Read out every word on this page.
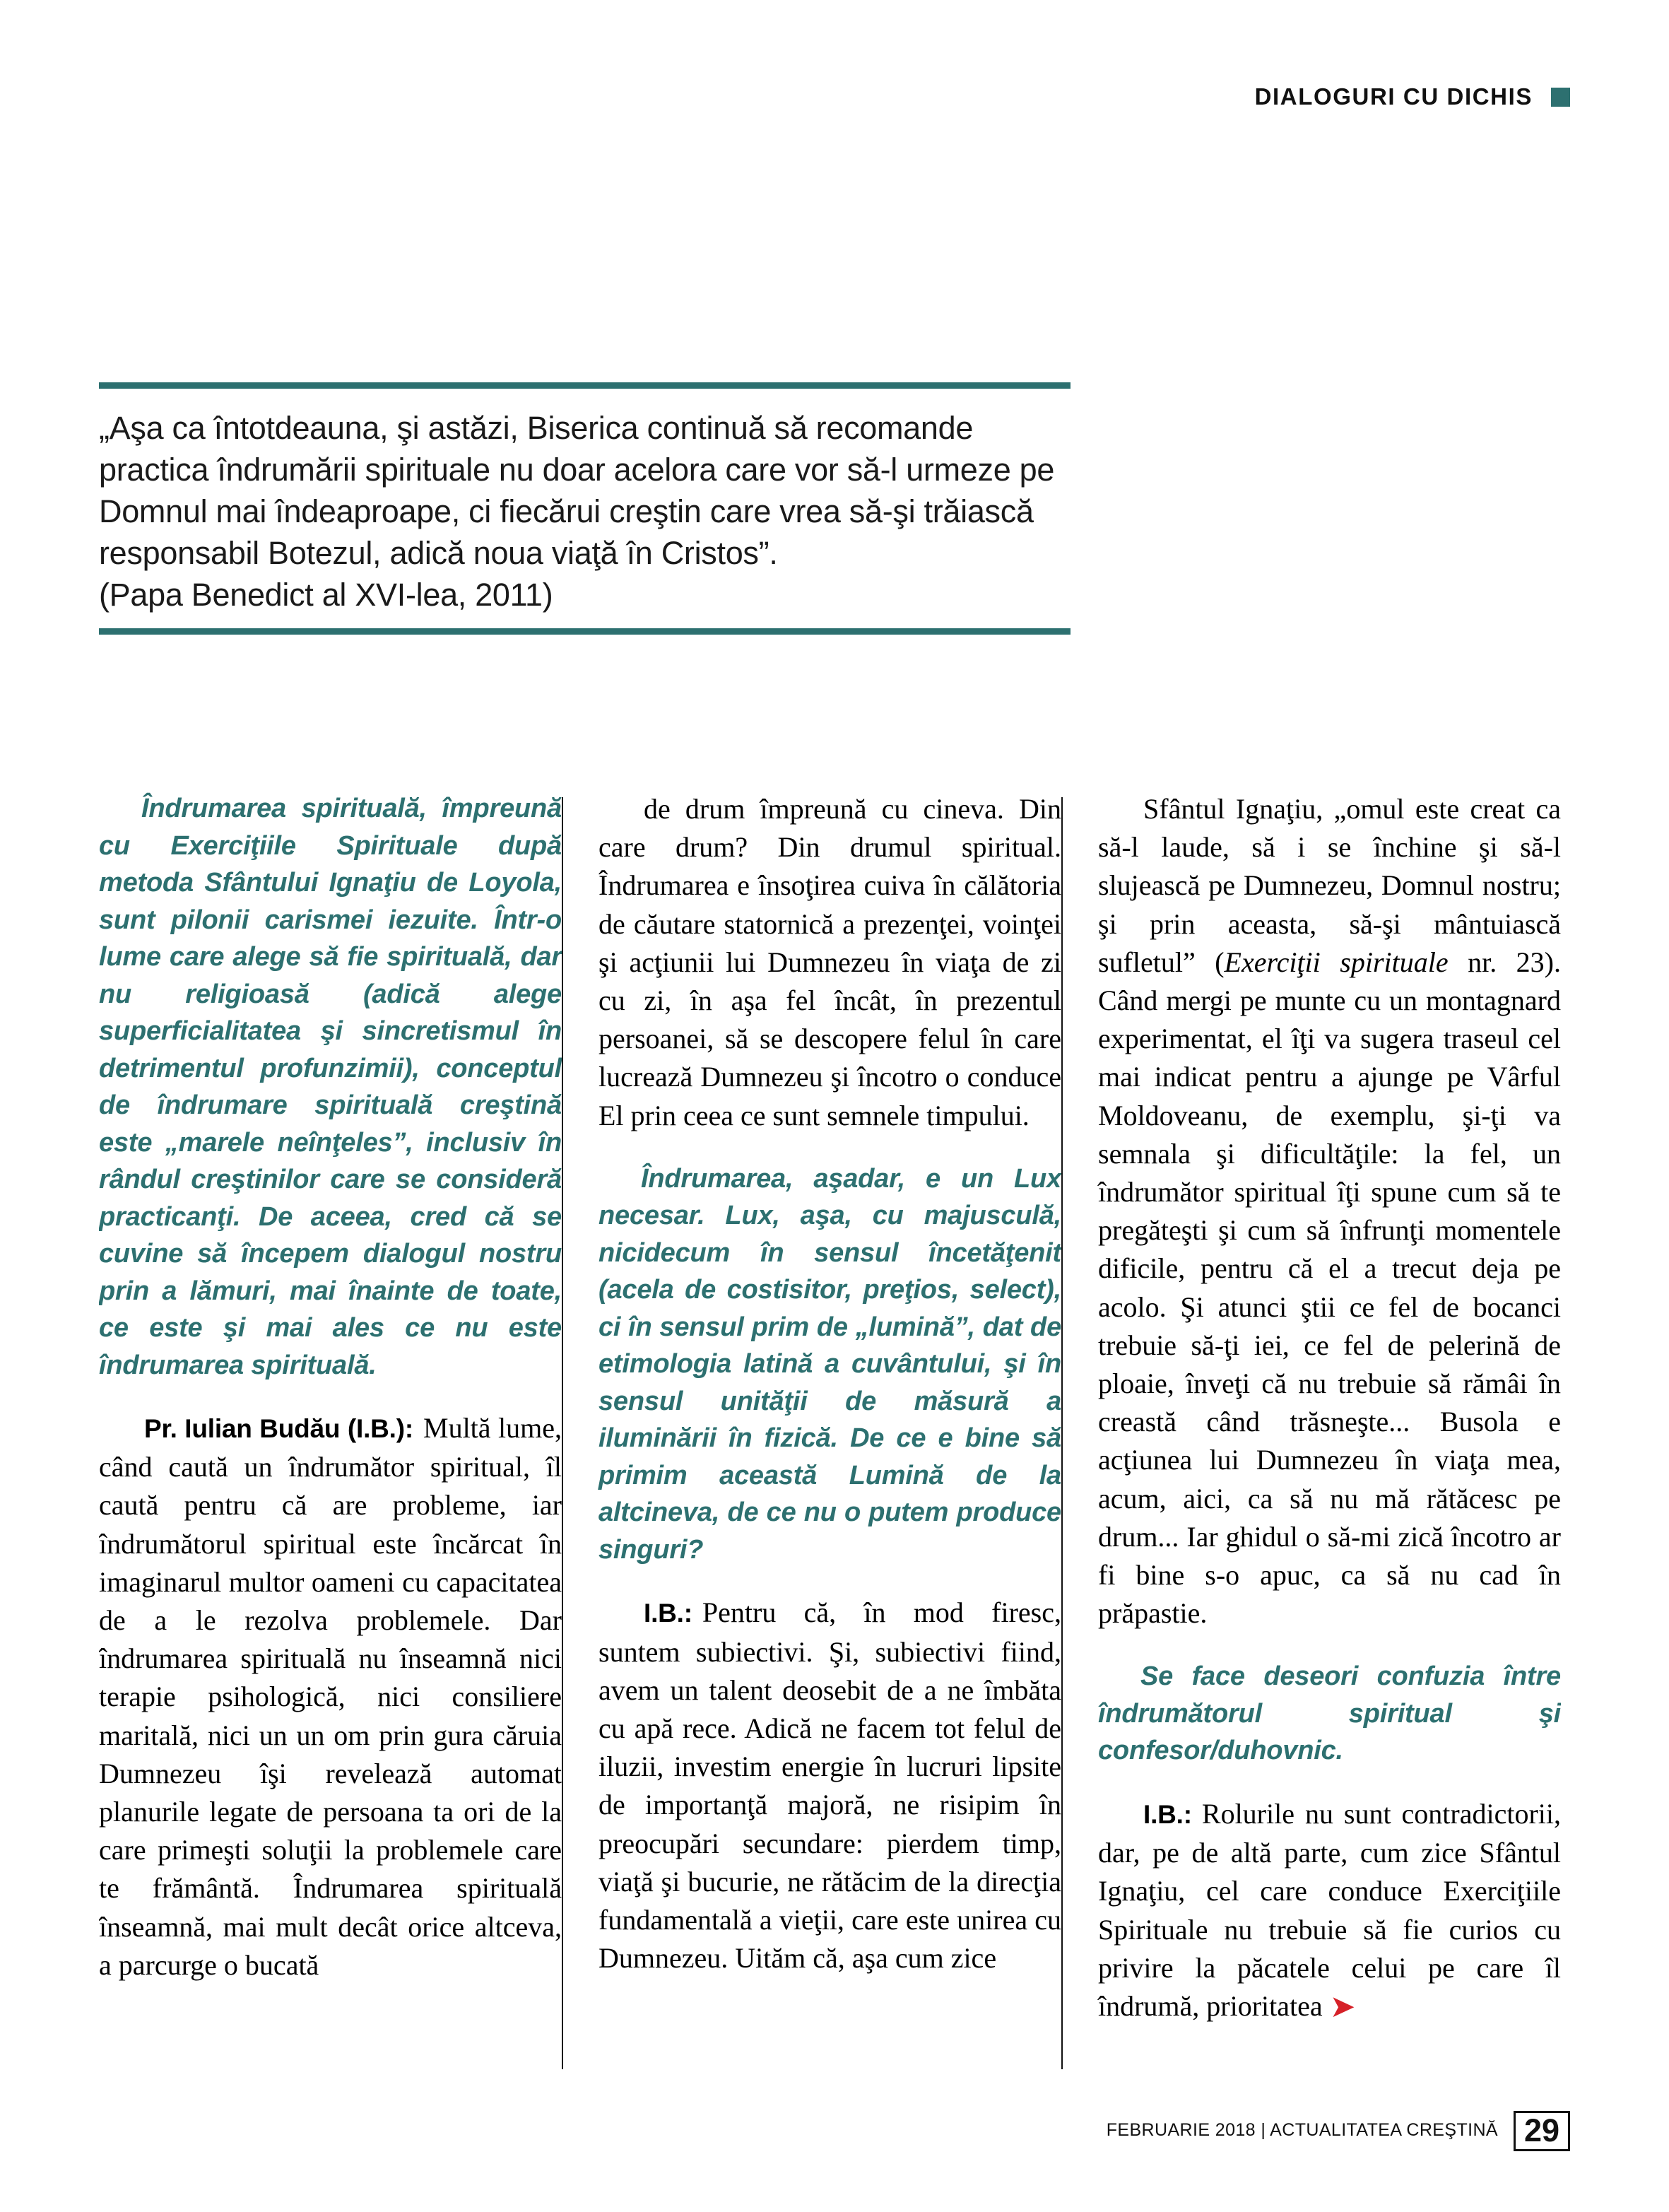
DIALOGURI CU DICHIS

„Aşa ca întotdeauna, şi astăzi, Biserica continuă să recomande practica îndrumării spirituale nu doar acelora care vor să-l urmeze pe Domnul mai îndeaproape, ci fiecărui creştin care vrea să-şi trăiască responsabil Botezul, adică noua viaţă în Cristos”.
(Papa Benedict al XVI-lea, 2011)

Îndrumarea spirituală, împreună cu Exerciţiile Spirituale după metoda Sfântului Ignaţiu de Loyola, sunt pilonii carismei iezuite. Într-o lume care alege să fie spirituală, dar nu religioasă (adică alege superficialitatea şi sincretismul în detrimentul profunzimii), conceptul de îndrumare spirituală creştină este „marele neînţeles”, inclusiv în rândul creştinilor care se consideră practicanţi. De aceea, cred că se cuvine să începem dialogul nostru prin a lămuri, mai înainte de toate, ce este şi mai ales ce nu este îndrumarea spirituală.

Pr. Iulian Budău (I.B.): Multă lume, când caută un îndrumător spiritual, îl caută pentru că are probleme, iar îndrumătorul spiritual este încărcat în imaginarul multor oameni cu capacitatea de a le rezolva problemele. Dar îndrumarea spirituală nu înseamnă nici terapie psihologică, nici consiliere maritală, nici un un om prin gura căruia Dumnezeu îşi revelează automat planurile legate de persoana ta ori de la care primeşti soluţii la problemele care te frământă. Îndrumarea spirituală înseamnă, mai mult decât orice altceva, a parcurge o bucată

de drum împreună cu cineva. Din care drum? Din drumul spiritual. Îndrumarea e însoţirea cuiva în călătoria de căutare statornică a prezenţei, voinţei şi acţiunii lui Dumnezeu în viaţa de zi cu zi, în aşa fel încât, în prezentul persoanei, să se descopere felul în care lucrează Dumnezeu şi încotro o conduce El prin ceea ce sunt semnele timpului.

Îndrumarea, aşadar, e un Lux necesar. Lux, aşa, cu majusculă, nicidecum în sensul încetăţenit (acela de costisitor, preţios, select), ci în sensul prim de „lumină”, dat de etimologia latină a cuvântului, şi în sensul unităţii de măsură a iluminării în fizică. De ce e bine să primim această Lumină de la altcineva, de ce nu o putem produce singuri?

I.B.: Pentru că, în mod firesc, suntem subiectivi. Şi, subiectivi fiind, avem un talent deosebit de a ne îmbăta cu apă rece. Adică ne facem tot felul de iluzii, investim energie în lucruri lipsite de importanţă majoră, ne risipim în preocupări secundare: pierdem timp, viaţă şi bucurie, ne rătăcim de la direcţia fundamentală a vieţii, care este unirea cu Dumnezeu. Uităm că, aşa cum zice

Sfântul Ignaţiu, „omul este creat ca să-l laude, să i se închine şi să-l slujească pe Dumnezeu, Domnul nostru; şi prin aceasta, să-şi mântuiască sufletul” (Exerciţii spirituale nr. 23). Când mergi pe munte cu un montagnard experimentat, el îţi va sugera traseul cel mai indicat pentru a ajunge pe Vârful Moldoveanu, de exemplu, şi-ţi va semnala şi dificultăţile: la fel, un îndrumător spiritual îţi spune cum să te pregăteşti şi cum să înfrunţi momentele dificile, pentru că el a trecut deja pe acolo. Şi atunci ştii ce fel de bocanci trebuie să-ţi iei, ce fel de pelerină de ploaie, înveţi că nu trebuie să rămâi în creastă când trăsneşte... Busola e acţiunea lui Dumnezeu în viaţa mea, acum, aici, ca să nu mă rătăcesc pe drum... Iar ghidul o să-mi zică încotro ar fi bine s-o apuc, ca să nu cad în prăpastie.

Se face deseori confuzia între îndrumătorul spiritual şi confesor/duhovnic.

I.B.: Rolurile nu sunt contradictorii, dar, pe de altă parte, cum zice Sfântul Ignaţiu, cel care conduce Exerciţiile Spirituale nu trebuie să fie curios cu privire la păcatele celui pe care îl îndrumă, prioritatea ➤

FEBRUARIE 2018 | ACTUALITATEA CREŞTINĂ 29
